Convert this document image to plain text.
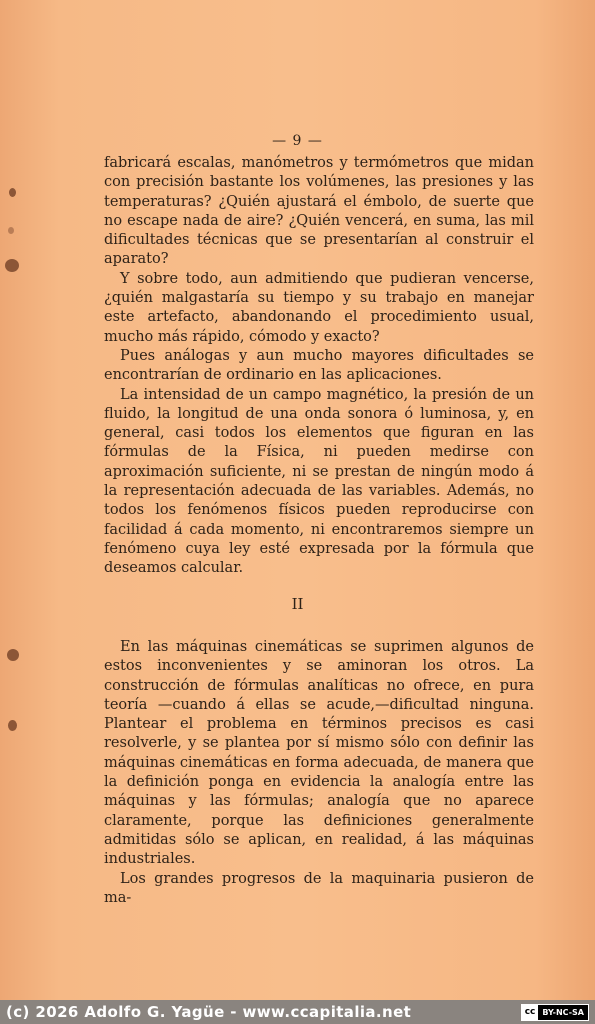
— 9 —

fabricará escalas, manómetros y termómetros que midan con precisión bastante los volúmenes, las presiones y las temperaturas? ¿Quién ajustará el émbolo, de suerte que no escape nada de aire? ¿Quién vencerá, en suma, las mil dificultades técnicas que se presentarían al construir el aparato?

Y sobre todo, aun admitiendo que pudieran vencerse, ¿quién malgastaría su tiempo y su trabajo en manejar este artefacto, abandonando el procedimiento usual, mucho más rápido, cómodo y exacto?

Pues análogas y aun mucho mayores dificultades se encontrarían de ordinario en las aplicaciones.

La intensidad de un campo magnético, la presión de un fluido, la longitud de una onda sonora ó luminosa, y, en general, casi todos los elementos que figuran en las fórmulas de la Física, ni pueden medirse con aproximación suficiente, ni se prestan de ningún modo á la representación adecuada de las variables. Además, no todos los fenómenos físicos pueden reproducirse con facilidad á cada momento, ni encontraremos siempre un fenómeno cuya ley esté expresada por la fórmula que deseamos calcular.

II

En las máquinas cinemáticas se suprimen algunos de estos inconvenientes y se aminoran los otros. La construcción de fórmulas analíticas no ofrece, en pura teoría —cuando á ellas se acude,—dificultad ninguna. Plantear el problema en términos precisos es casi resolverle, y se plantea por sí mismo sólo con definir las máquinas cinemáticas en forma adecuada, de manera que la definición ponga en evidencia la analogía entre las máquinas y las fórmulas; analogía que no aparece claramente, porque las definiciones generalmente admitidas sólo se aplican, en realidad, á las máquinas industriales.

Los grandes progresos de la maquinaria pusieron de ma-

(c) 2026 Adolfo G. Yagüe - www.ccapitalia.net	cc BY-NC-SA
